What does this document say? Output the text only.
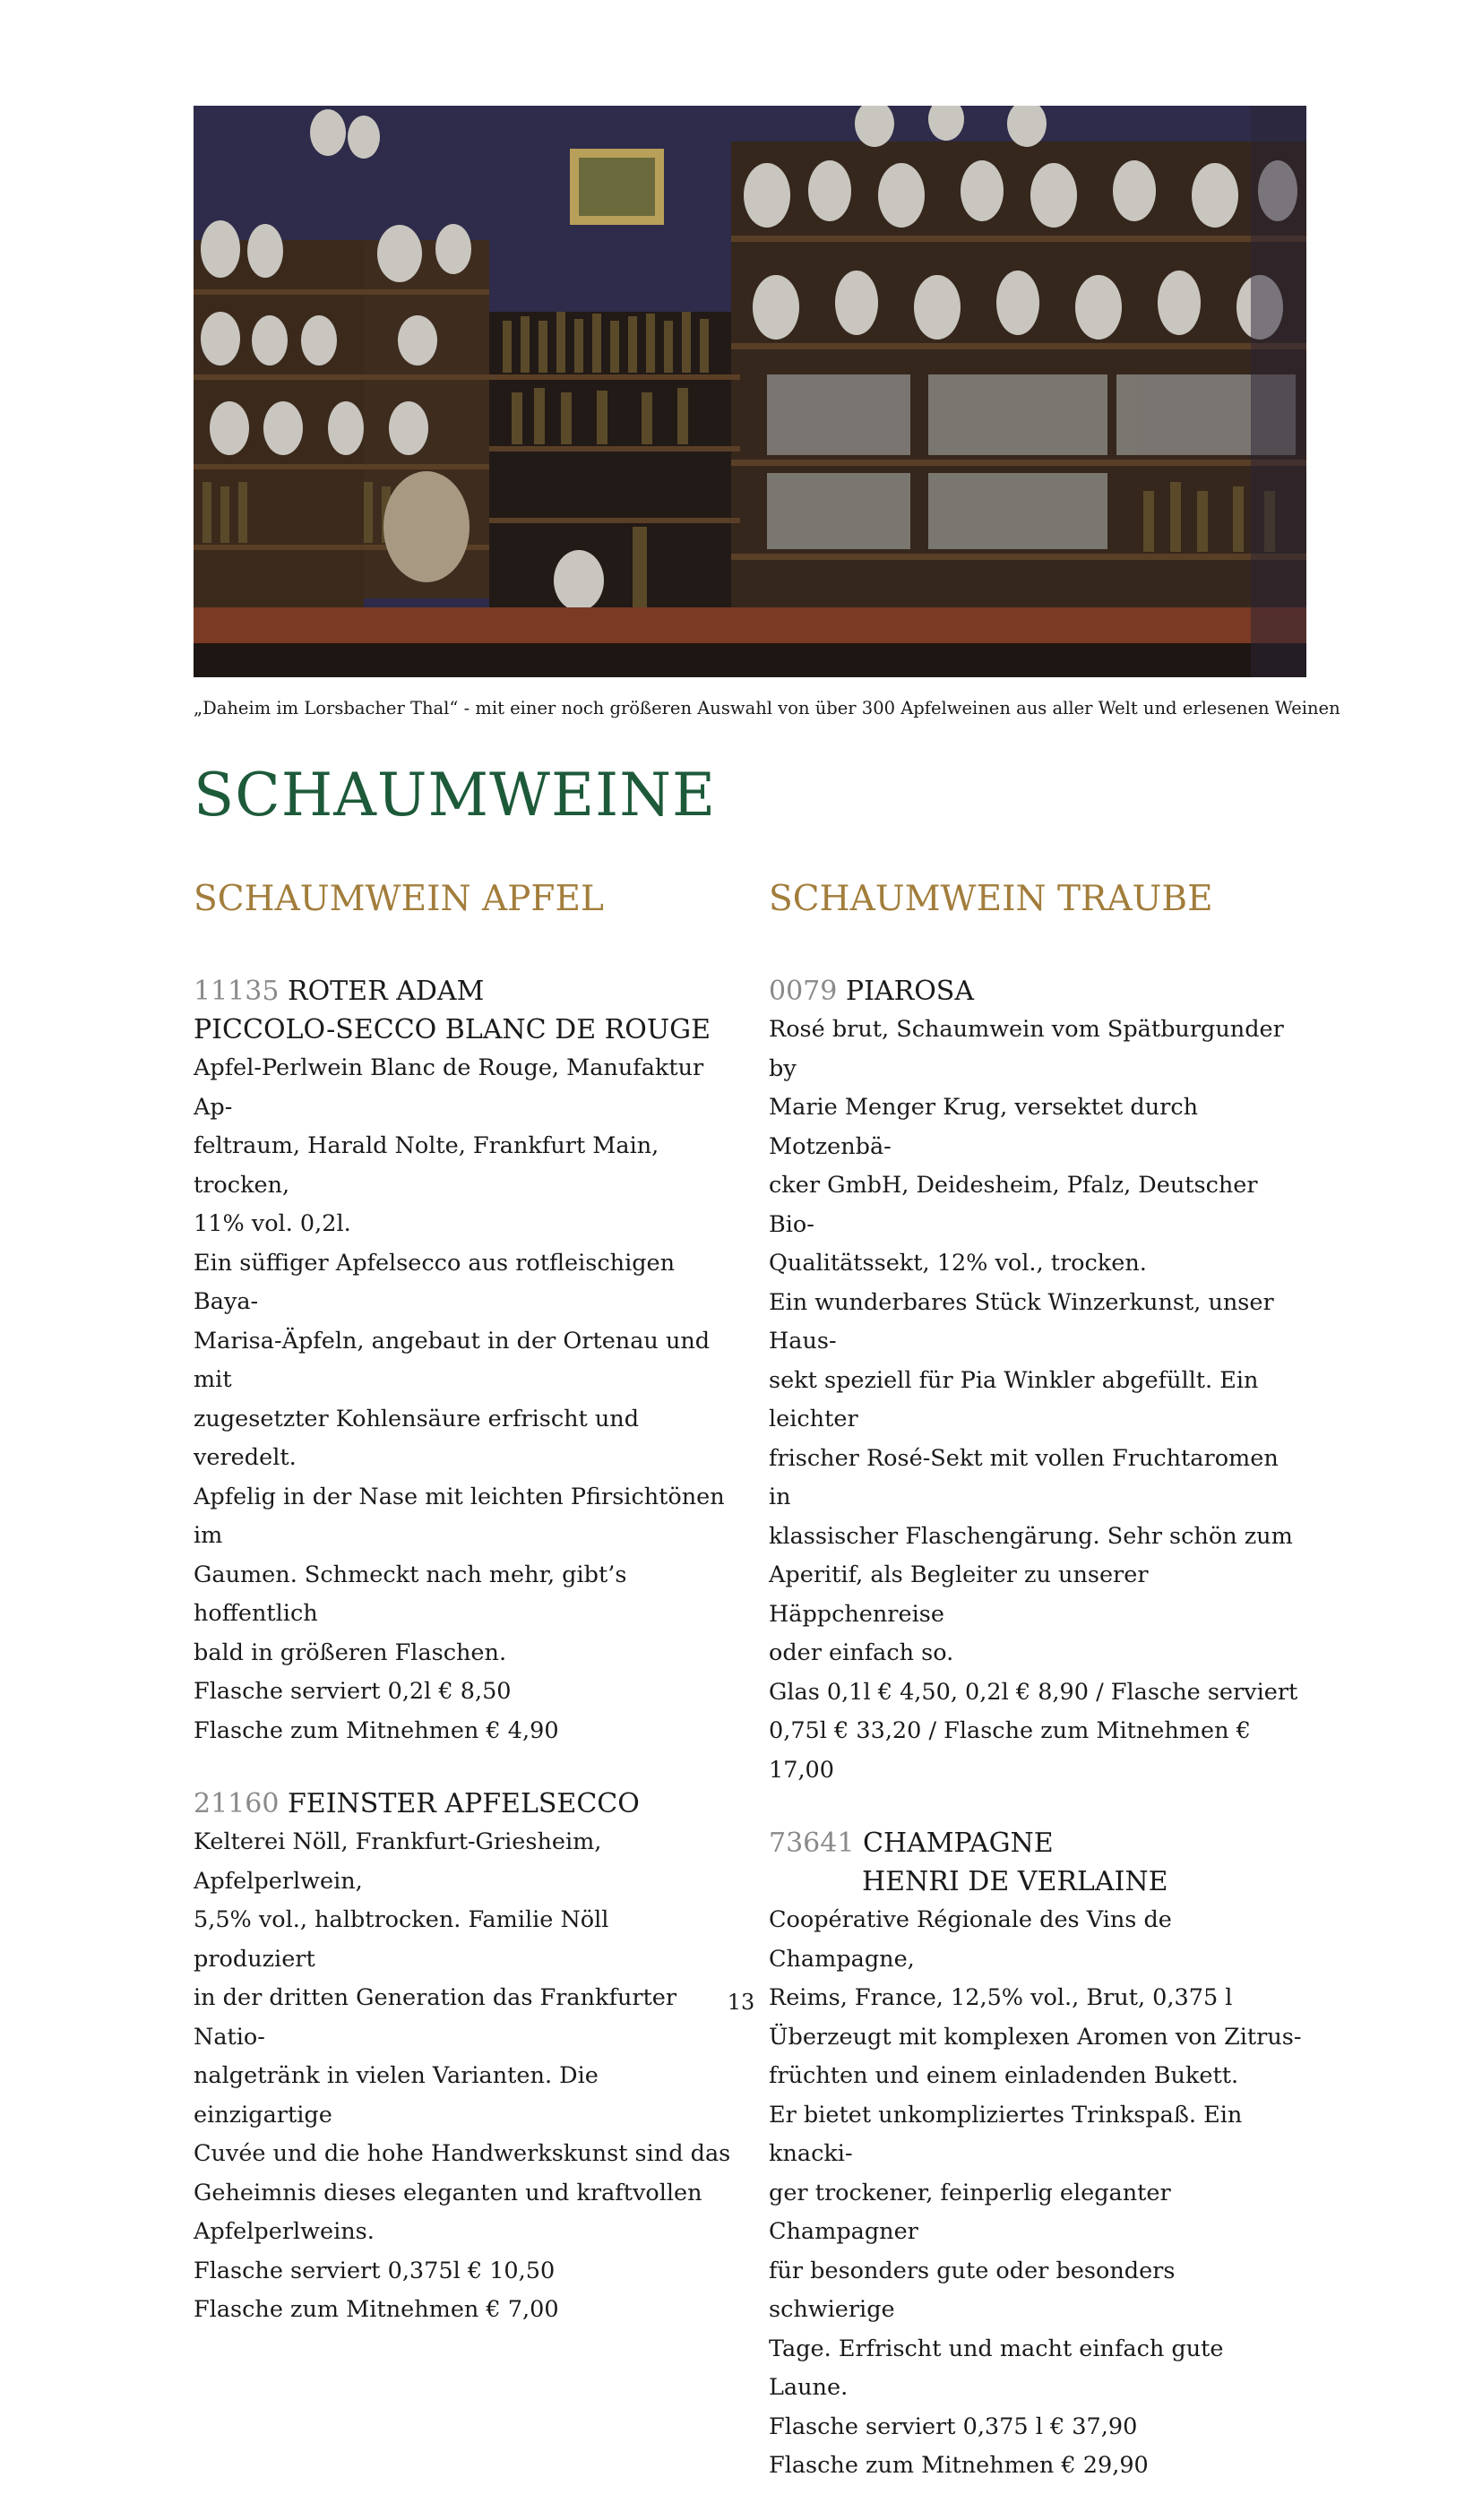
„Daheim im Lorsbacher Thal“ - mit einer noch größeren Auswahl von über 300 Apfelweinen aus aller Welt und erlesenen Weinen
SCHAUMWEINE
SCHAUMWEIN APFEL
11135 ROTER ADAM
PICCOLO-SECCO BLANC DE ROUGE

Apfel-Perlwein Blanc de Rouge, Manufaktur Ap-
feltraum, Harald Nolte, Frankfurt Main, trocken,
11% vol. 0,2l.
Ein süffiger Apfelsecco aus rotfleischigen Baya-
Marisa-Äpfeln, angebaut in der Ortenau und mit
zugesetzter Kohlensäure erfrischt und veredelt.
Apfelig in der Nase mit leichten Pfirsichtönen im
Gaumen. Schmeckt nach mehr, gibt’s hoffentlich
bald in größeren Flaschen.
Flasche serviert 0,2l € 8,50
Flasche zum Mitnehmen € 4,90

21160 FEINSTER APFELSECCO

Kelterei Nöll, Frankfurt-Griesheim, Apfelperlwein,
5,5% vol., halbtrocken. Familie Nöll produziert
in der dritten Generation das Frankfurter Natio-
nalgetränk in vielen Varianten. Die einzigartige
Cuvée und die hohe Handwerkskunst sind das
Geheimnis dieses eleganten und kraftvollen
Apfelperlweins.
Flasche serviert 0,375l € 10,50
Flasche zum Mitnehmen € 7,00

SCHAUMWEIN TRAUBE
0079 PIAROSA

Rosé brut, Schaumwein vom Spätburgunder by
Marie Menger Krug, versektet durch Motzenbä-
cker GmbH, Deidesheim, Pfalz, Deutscher Bio-
Qualitätssekt, 12% vol., trocken.
Ein wunderbares Stück Winzerkunst, unser Haus-
sekt speziell für Pia Winkler abgefüllt. Ein leichter
frischer Rosé-Sekt mit vollen Fruchtaromen in
klassischer Flaschengärung. Sehr schön zum
Aperitif, als Begleiter zu unserer Häppchenreise
oder einfach so.
Glas 0,1l € 4,50, 0,2l € 8,90 / Flasche serviert
0,75l € 33,20 / Flasche zum Mitnehmen € 17,00

73641 CHAMPAGNE
HENRI DE VERLAINE

Coopérative Régionale des Vins de Champagne,
Reims, France, 12,5% vol., Brut, 0,375 l
Überzeugt mit komplexen Aromen von Zitrus-
früchten und einem einladenden Bukett.
Er bietet unkompliziertes Trinkspaß. Ein knacki-
ger trockener, feinperlig eleganter Champagner
für besonders gute oder besonders schwierige
Tage. Erfrischt und macht einfach gute Laune.
Flasche serviert 0,375 l € 37,90
Flasche zum Mitnehmen € 29,90

13
